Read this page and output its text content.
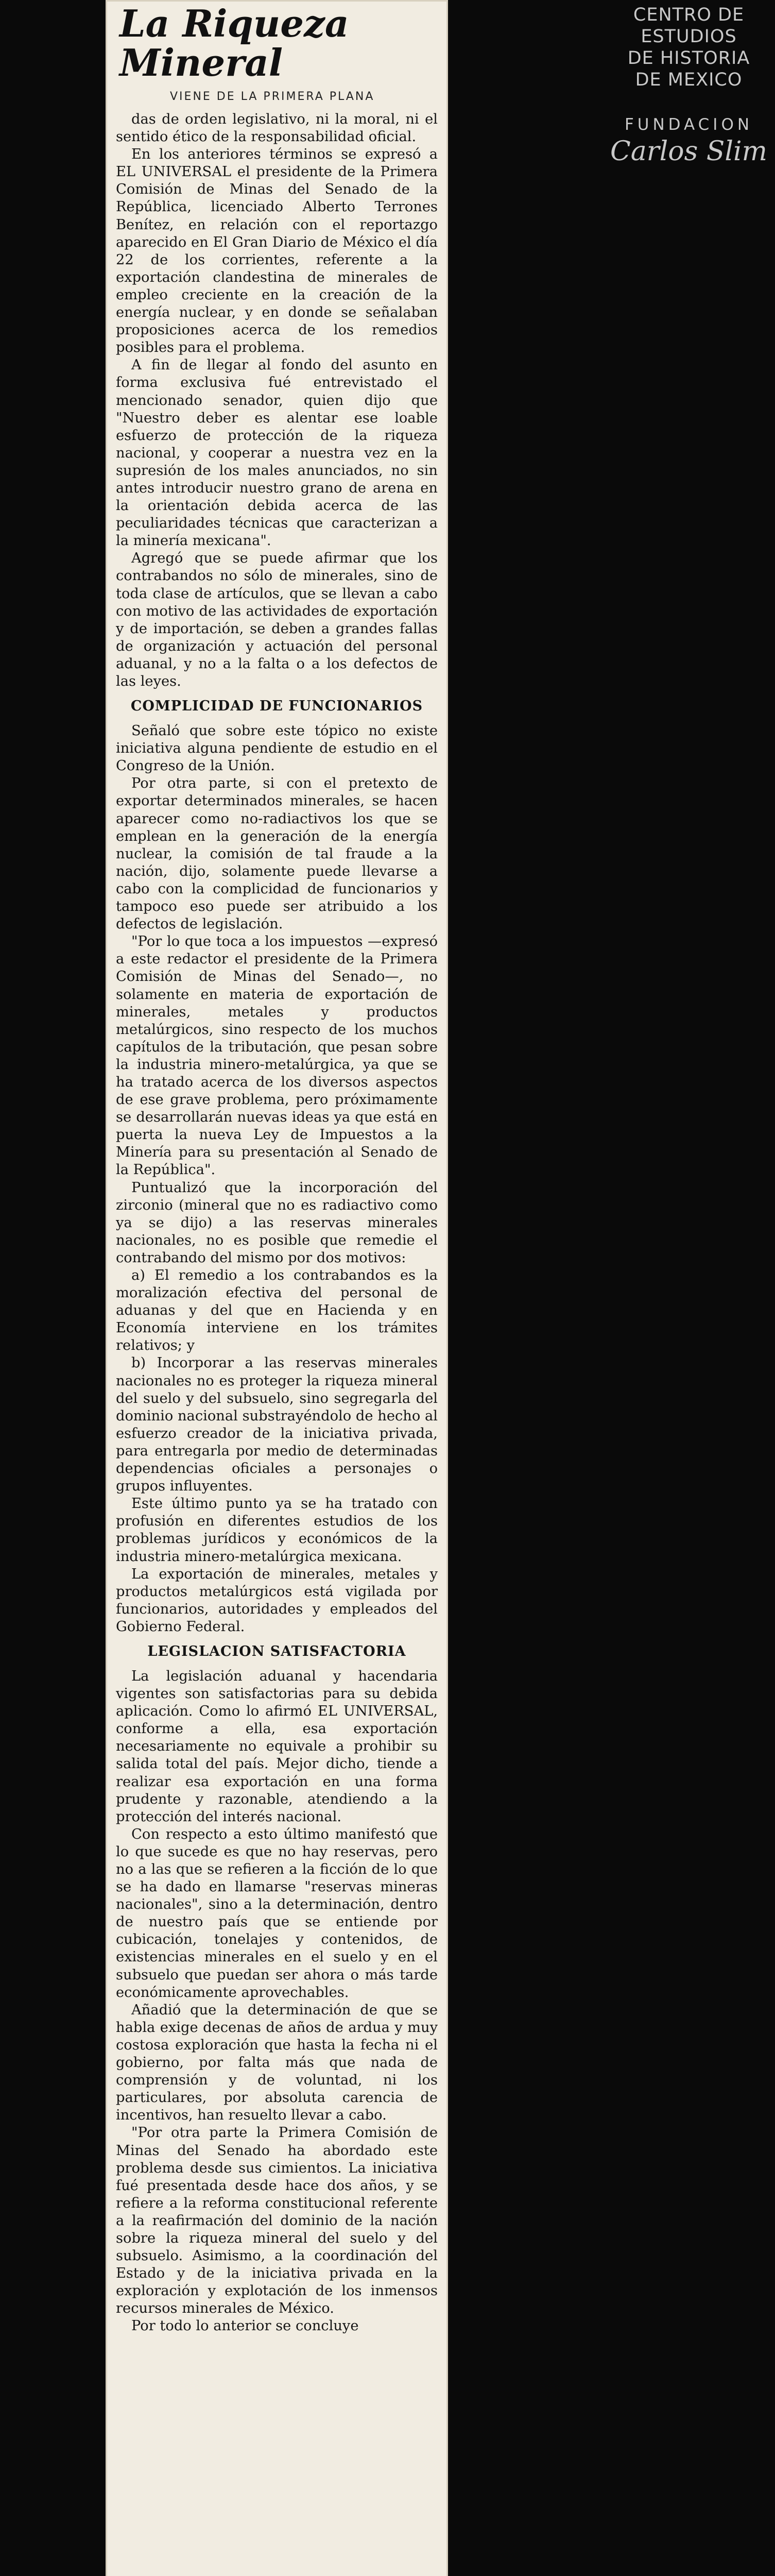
CENTRO DE
ESTUDIOS
DE HISTORIA
DE MEXICO
FUNDACION
Carlos Slim
La Riqueza
Mineral
VIENE DE LA PRIMERA PLANA

das de orden legislativo, ni la moral, ni el sentido ético de la responsabilidad oficial.

En los anteriores términos se expresó a EL UNIVERSAL el presidente de la Primera Comisión de Minas del Senado de la República, licenciado Alberto Terrones Benítez, en relación con el reportazgo aparecido en El Gran Diario de México el día 22 de los corrientes, referente a la exportación clandestina de minerales de empleo creciente en la creación de la energía nuclear, y en donde se señalaban proposiciones acerca de los remedios posibles para el problema.

A fin de llegar al fondo del asunto en forma exclusiva fué entrevistado el mencionado senador, quien dijo que "Nuestro deber es alentar ese loable esfuerzo de protección de la riqueza nacional, y cooperar a nuestra vez en la supresión de los males anunciados, no sin antes introducir nuestro grano de arena en la orientación debida acerca de las peculiaridades técnicas que caracterizan a la minería mexicana".

Agregó que se puede afirmar que los contrabandos no sólo de minerales, sino de toda clase de artículos, que se llevan a cabo con motivo de las actividades de exportación y de importación, se deben a grandes fallas de organización y actuación del personal aduanal, y no a la falta o a los defectos de las leyes.

COMPLICIDAD DE FUNCIONARIOS

Señaló que sobre este tópico no existe iniciativa alguna pendiente de estudio en el Congreso de la Unión.

Por otra parte, si con el pretexto de exportar determinados minerales, se hacen aparecer como no-radiactivos los que se emplean en la generación de la energía nuclear, la comisión de tal fraude a la nación, dijo, solamente puede llevarse a cabo con la complicidad de funcionarios y tampoco eso puede ser atribuido a los defectos de legislación.

"Por lo que toca a los impuestos —expresó a este redactor el presidente de la Primera Comisión de Minas del Senado—, no solamente en materia de exportación de minerales, metales y productos metalúrgicos, sino respecto de los muchos capítulos de la tributación, que pesan sobre la industria minero-metalúrgica, ya que se ha tratado acerca de los diversos aspectos de ese grave problema, pero próximamente se desarrollarán nuevas ideas ya que está en puerta la nueva Ley de Impuestos a la Minería para su presentación al Senado de la República".

Puntualizó que la incorporación del zirconio (mineral que no es radiactivo como ya se dijo) a las reservas minerales nacionales, no es posible que remedie el contrabando del mismo por dos motivos:

a) El remedio a los contrabandos es la moralización efectiva del personal de aduanas y del que en Hacienda y en Economía interviene en los trámites relativos; y

b) Incorporar a las reservas minerales nacionales no es proteger la riqueza mineral del suelo y del subsuelo, sino segregarla del dominio nacional substrayéndolo de hecho al esfuerzo creador de la iniciativa privada, para entregarla por medio de determinadas dependencias oficiales a personajes o grupos influyentes.

Este último punto ya se ha tratado con profusión en diferentes estudios de los problemas jurídicos y económicos de la industria minero-metalúrgica mexicana.

La exportación de minerales, metales y productos metalúrgicos está vigilada por funcionarios, autoridades y empleados del Gobierno Federal.

LEGISLACION SATISFACTORIA

La legislación aduanal y hacendaria vigentes son satisfactorias para su debida aplicación. Como lo afirmó EL UNIVERSAL, conforme a ella, esa exportación necesariamente no equivale a prohibir su salida total del país. Mejor dicho, tiende a realizar esa exportación en una forma prudente y razonable, atendiendo a la protección del interés nacional.

Con respecto a esto último manifestó que lo que sucede es que no hay reservas, pero no a las que se refieren a la ficción de lo que se ha dado en llamarse "reservas mineras nacionales", sino a la determinación, dentro de nuestro país que se entiende por cubicación, tonelajes y contenidos, de existencias minerales en el suelo y en el subsuelo que puedan ser ahora o más tarde económicamente aprovechables.

Añadió que la determinación de que se habla exige decenas de años de ardua y muy costosa exploración que hasta la fecha ni el gobierno, por falta más que nada de comprensión y de voluntad, ni los particulares, por absoluta carencia de incentivos, han resuelto llevar a cabo.

"Por otra parte la Primera Comisión de Minas del Senado ha abordado este problema desde sus cimientos. La iniciativa fué presentada desde hace dos años, y se refiere a la reforma constitucional referente a la reafirmación del dominio de la nación sobre la riqueza mineral del suelo y del subsuelo. Asimismo, a la coordinación del Estado y de la iniciativa privada en la exploración y explotación de los inmensos recursos minerales de México.

Por todo lo anterior se concluye
